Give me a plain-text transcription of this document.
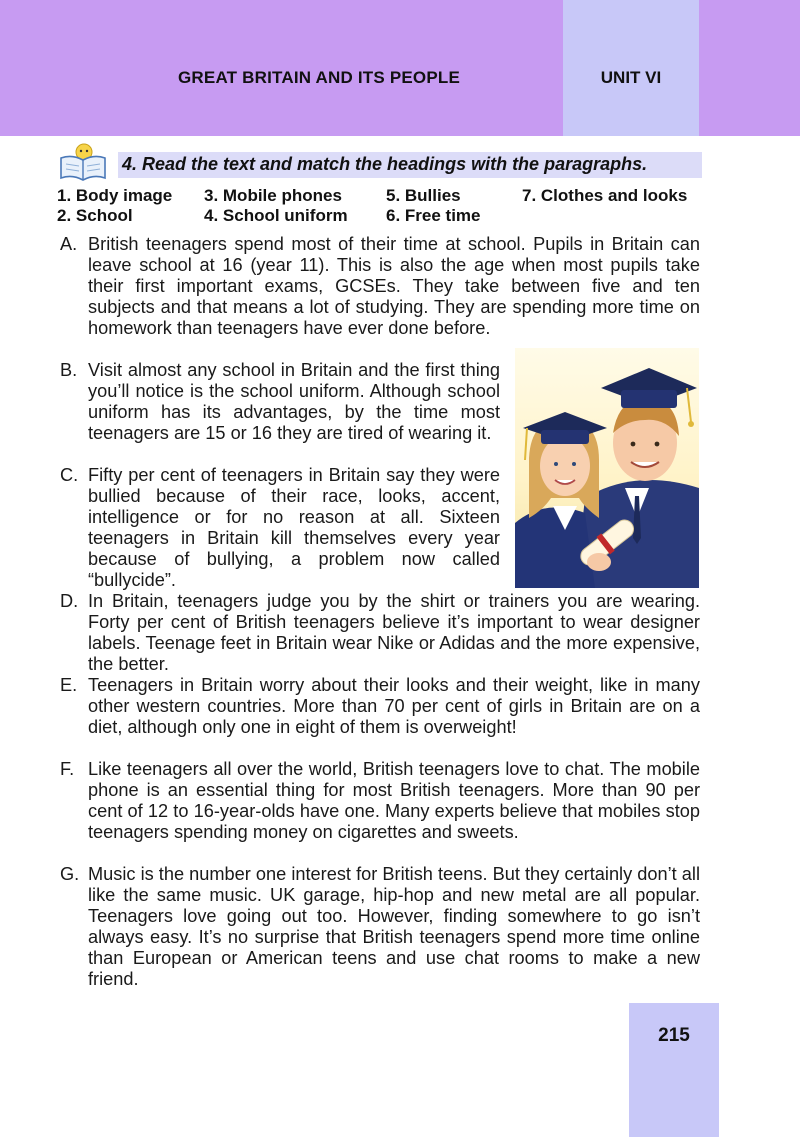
GREAT BRITAIN AND ITS PEOPLE	UNIT VI
4. Read the text and match the headings with the paragraphs.
1. Body image
2. School
3. Mobile phones
4. School uniform
5. Bullies
6. Free time
7. Clothes and looks
A. British teenagers spend most of their time at school. Pupils in Britain can leave school at 16 (year 11). This is also the age when most pupils take their first important exams, GCSEs. They take between five and ten subjects and that means a lot of studying. They are spending more time on homework than teenagers have ever done before.
B. Visit almost any school in Britain and the first thing you’ll notice is the school uniform. Although school uniform has its advantages, by the time most teenagers are 15 or 16 they are tired of wearing it.
C. Fifty per cent of teenagers in Britain say they were bullied because of their race, looks, accent, intelligence or for no reason at all. Sixteen teenagers in Britain kill themselves every year because of bullying, a problem now called “bullycide”.
D. In Britain, teenagers judge you by the shirt or trainers you are wearing. Forty per cent of British teenagers believe it’s important to wear designer labels. Teenage feet in Britain wear Nike or Adidas and the more expensive, the better.
E. Teenagers in Britain worry about their looks and their weight, like in many other western countries. More than 70 per cent of girls in Britain are on a diet, although only one in eight of them is overweight!
F. Like teenagers all over the world, British teenagers love to chat. The mobile phone is an essential thing for most British teenagers. More than 90 per cent of 12 to 16-year-olds have one. Many experts believe that mobiles stop teenagers spending money on cigarettes and sweets.
G. Music is the number one interest for British teens. But they certainly don’t all like the same music. UK garage, hip-hop and new metal are all popular. Teenagers love going out too. However, finding somewhere to go isn’t always easy. It’s no surprise that British teenagers spend more time online than European or American teens and use chat rooms to make a new friend.
215
